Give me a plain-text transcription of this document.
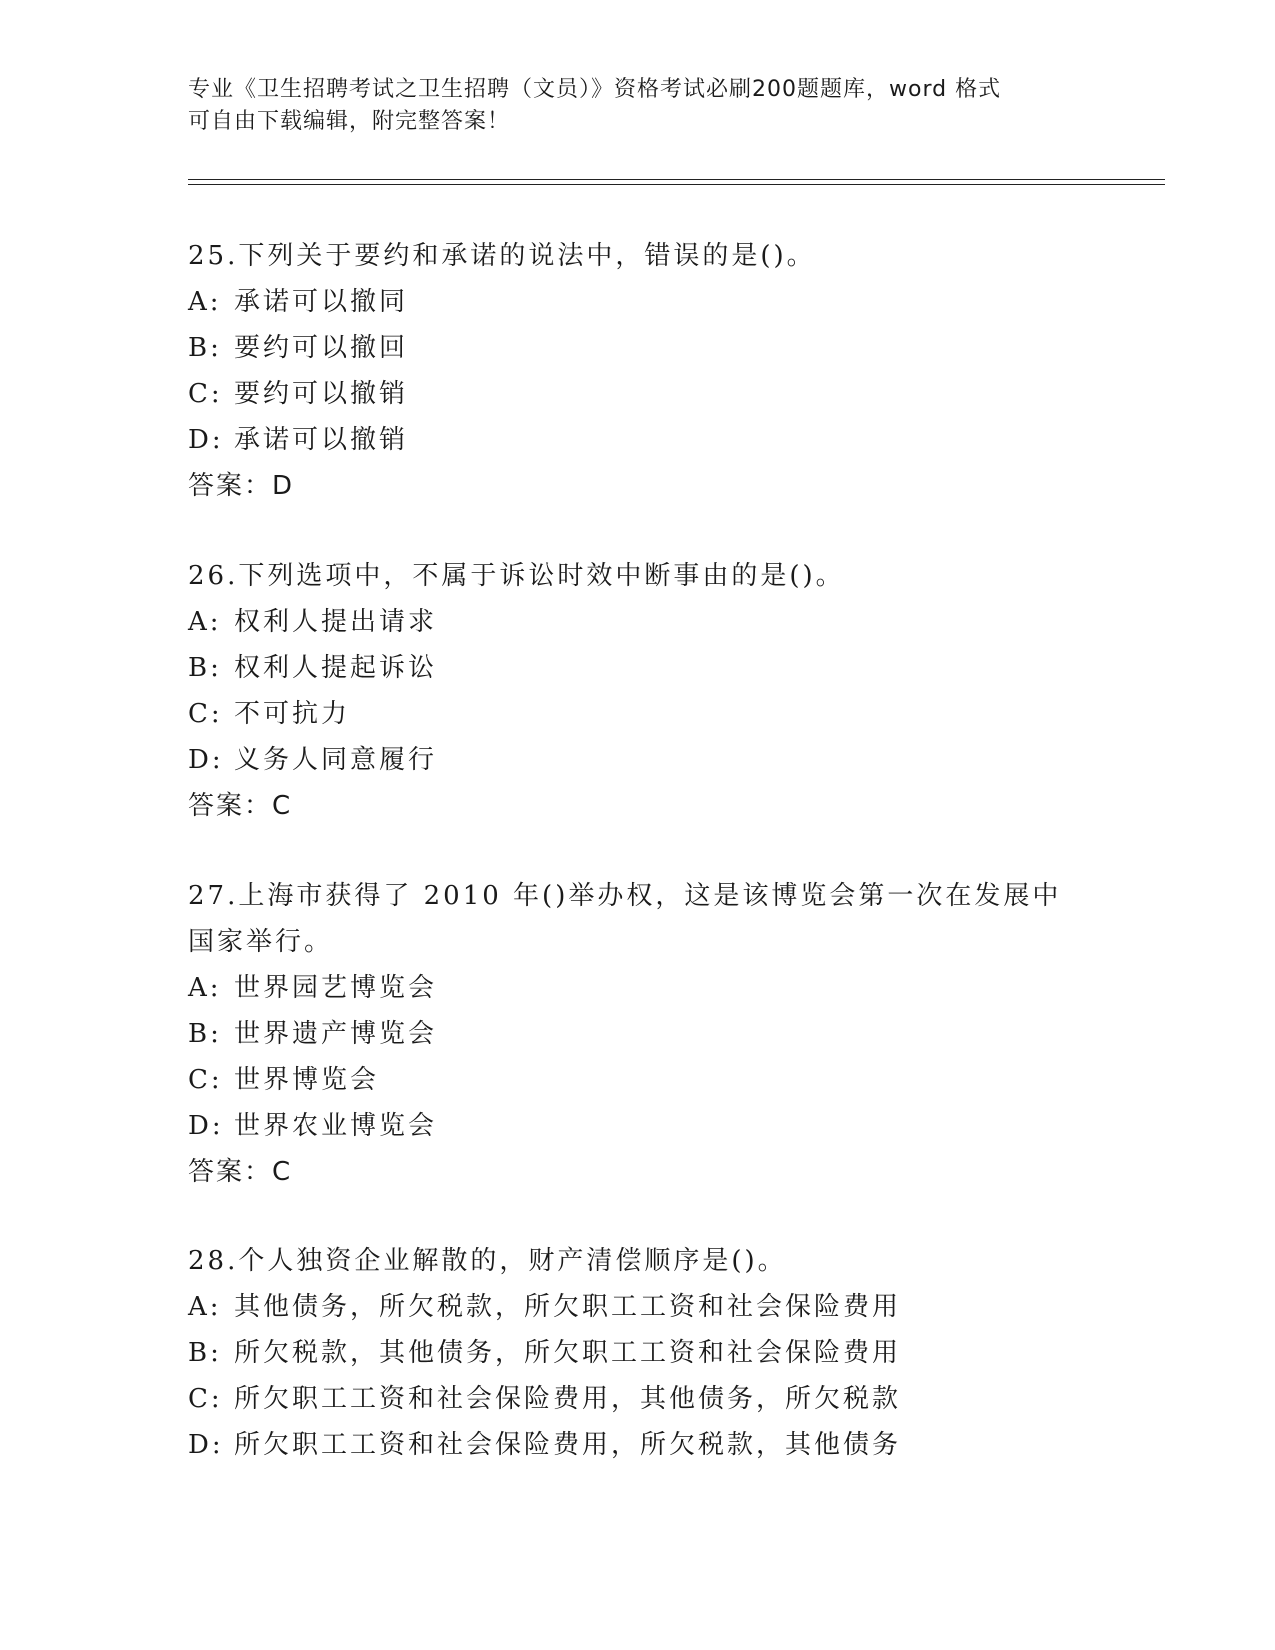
专业《卫生招聘考试之卫生招聘（文员）》资格考试必刷200题题库，word 格式
可自由下载编辑，附完整答案！
25.下列关于要约和承诺的说法中，错误的是()。
A: 承诺可以撤同
B: 要约可以撤回
C: 要约可以撤销
D: 承诺可以撤销
答案：D
26.下列选项中，不属于诉讼时效中断事由的是()。
A: 权利人提出请求
B: 权利人提起诉讼
C: 不可抗力
D: 义务人同意履行
答案：C
27.上海市获得了 2010 年()举办权，这是该博览会第一次在发展中国家举行。
A: 世界园艺博览会
B: 世界遗产博览会
C: 世界博览会
D: 世界农业博览会
答案：C
28.个人独资企业解散的，财产清偿顺序是()。
A: 其他债务，所欠税款，所欠职工工资和社会保险费用
B: 所欠税款，其他债务，所欠职工工资和社会保险费用
C: 所欠职工工资和社会保险费用，其他债务，所欠税款
D: 所欠职工工资和社会保险费用，所欠税款，其他债务
